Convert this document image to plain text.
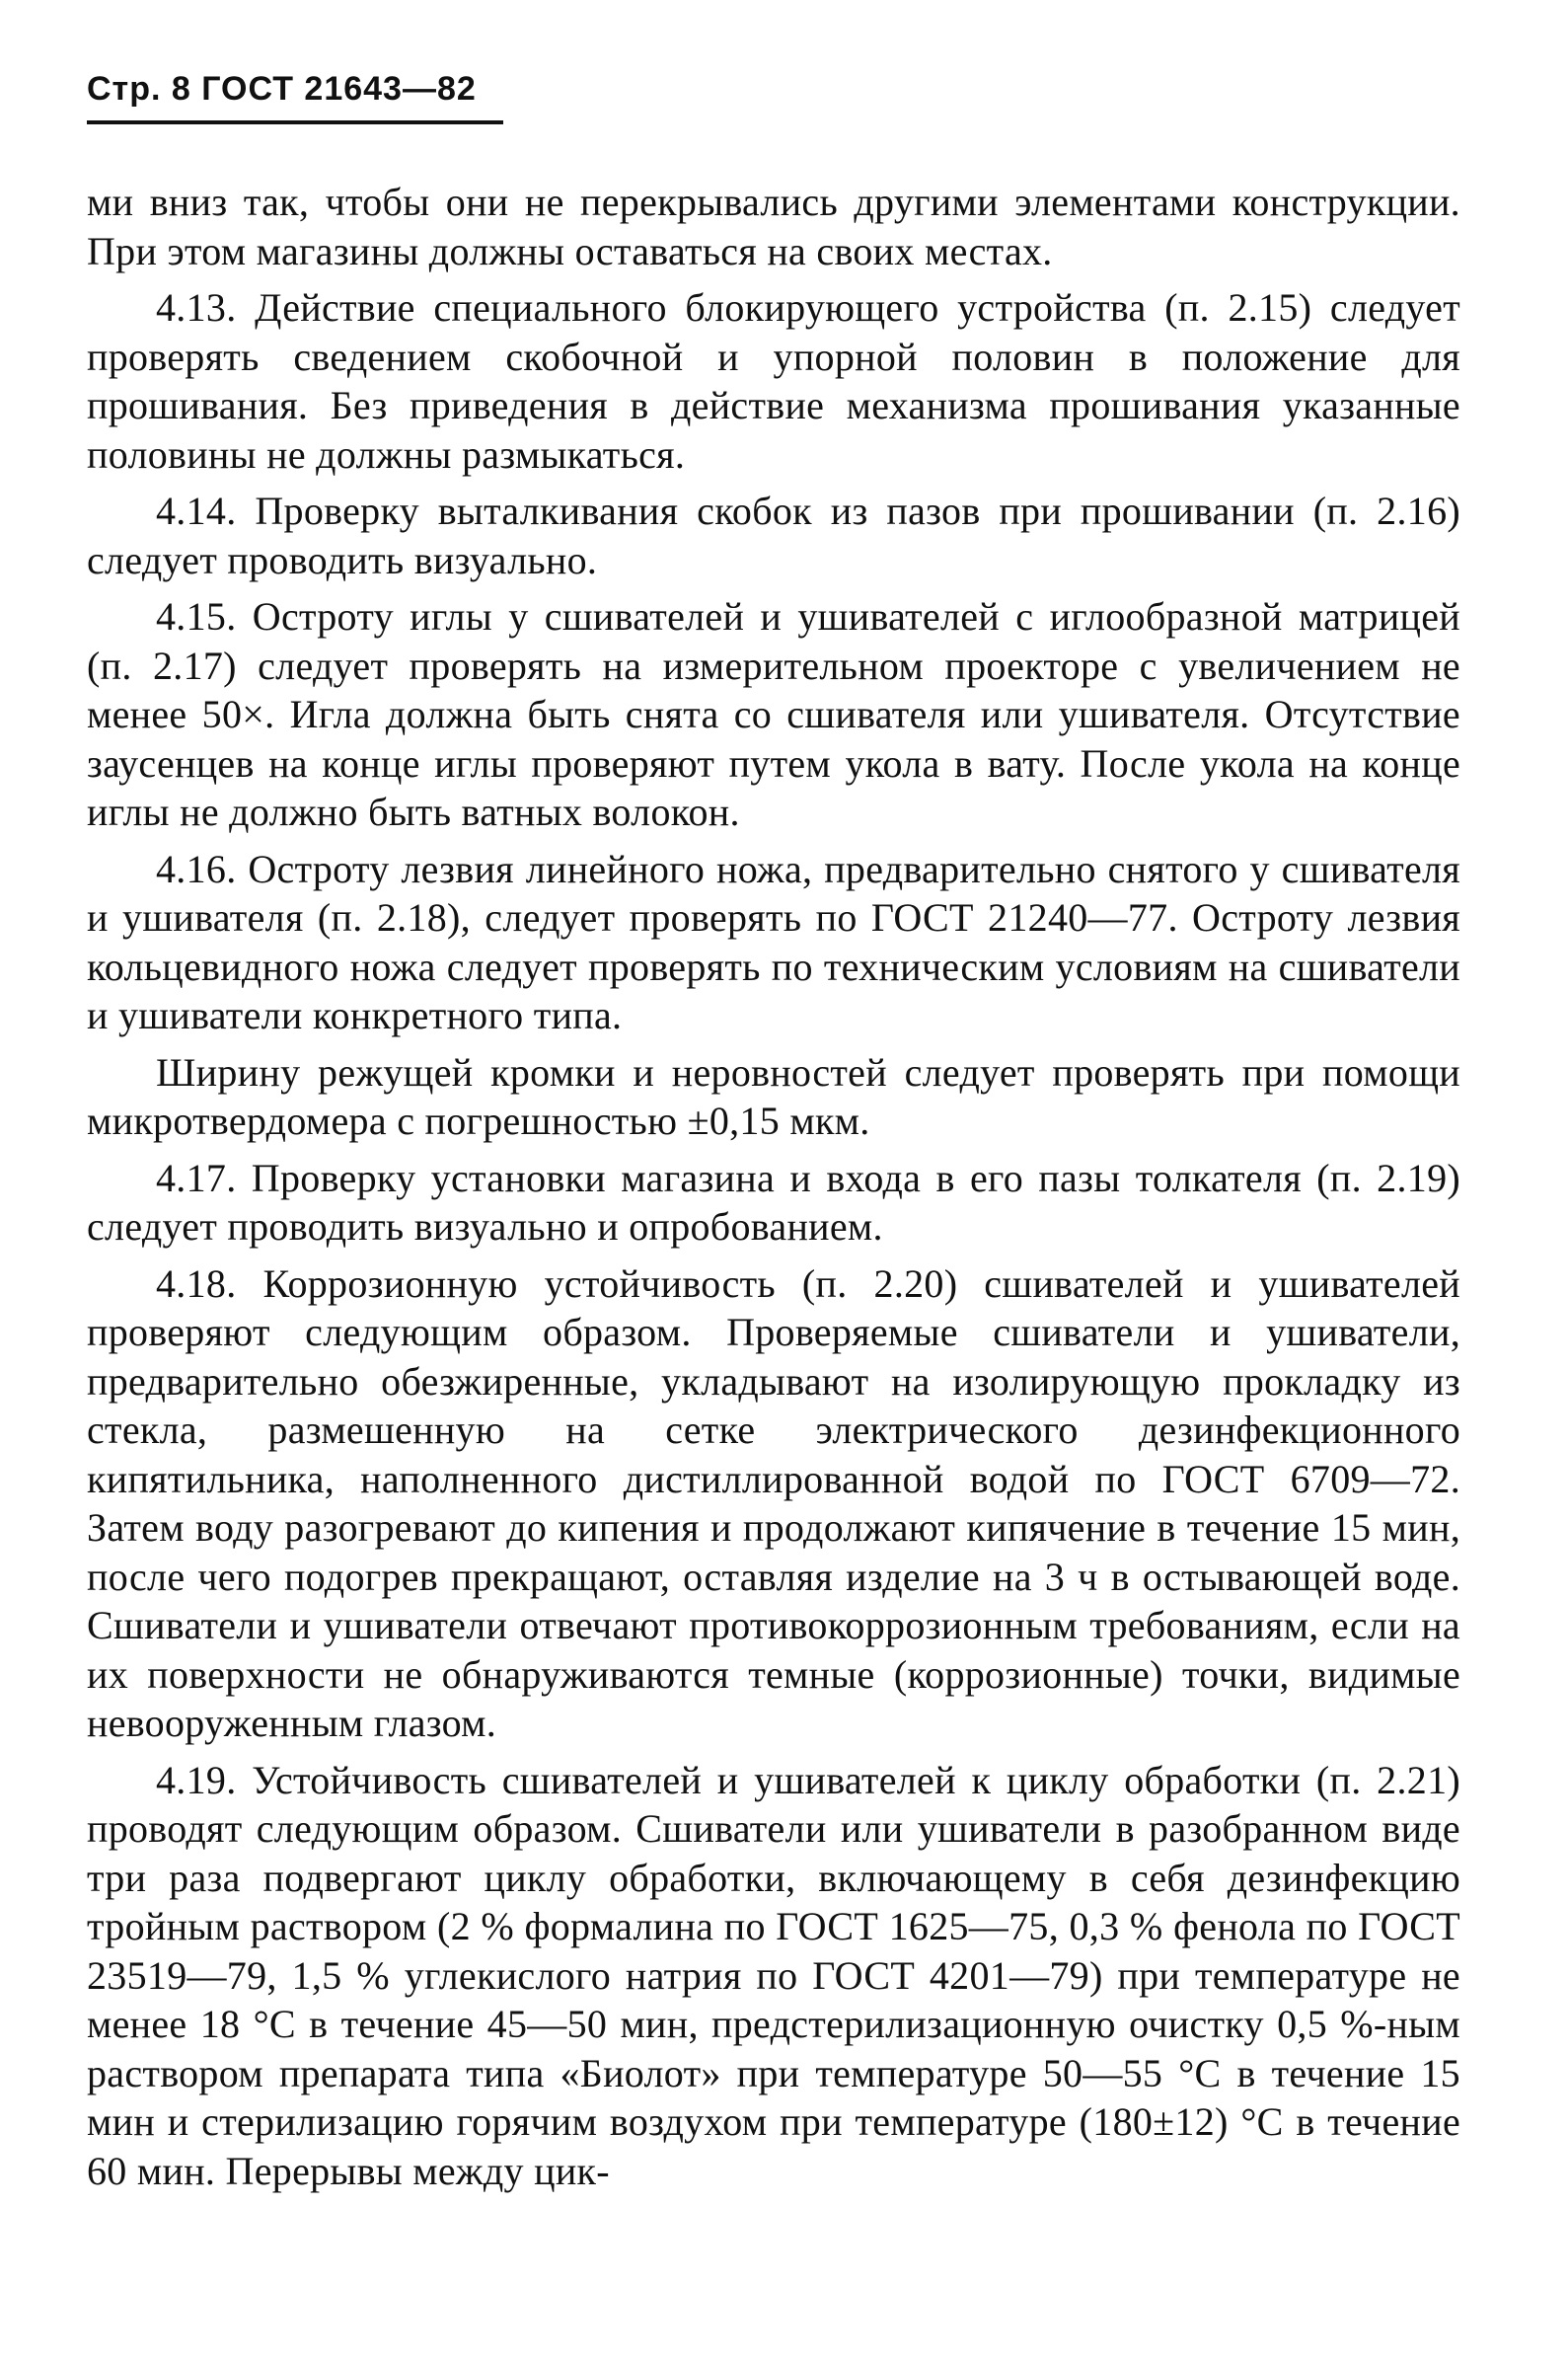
Стр. 8 ГОСТ 21643—82

ми вниз так, чтобы они не перекрывались другими элементами конструкции. При этом магазины должны оставаться на своих местах.

4.13. Действие специального блокирующего устройства (п. 2.15) следует проверять сведением скобочной и упорной половин в положение для прошивания. Без приведения в действие механизма прошивания указанные половины не должны размыкаться.

4.14. Проверку выталкивания скобок из пазов при прошивании (п. 2.16) следует проводить визуально.

4.15. Остроту иглы у сшивателей и ушивателей с иглообразной матрицей (п. 2.17) следует проверять на измерительном проекторе с увеличением не менее 50×. Игла должна быть снята со сшивателя или ушивателя. Отсутствие заусенцев на конце иглы проверяют путем укола в вату. После укола на конце иглы не должно быть ватных волокон.

4.16. Остроту лезвия линейного ножа, предварительно снятого у сшивателя и ушивателя (п. 2.18), следует проверять по ГОСТ 21240—77. Остроту лезвия кольцевидного ножа следует проверять по техническим условиям на сшиватели и ушиватели конкретного типа.

Ширину режущей кромки и неровностей следует проверять при помощи микротвердомера с погрешностью ±0,15 мкм.

4.17. Проверку установки магазина и входа в его пазы толкателя (п. 2.19) следует проводить визуально и опробованием.

4.18. Коррозионную устойчивость (п. 2.20) сшивателей и ушивателей проверяют следующим образом. Проверяемые сшиватели и ушиватели, предварительно обезжиренные, укладывают на изолирующую прокладку из стекла, размешенную на сетке электрического дезинфекционного кипятильника, наполненного дистиллированной водой по ГОСТ 6709—72. Затем воду разогревают до кипения и продолжают кипячение в течение 15 мин, после чего подогрев прекращают, оставляя изделие на 3 ч в остывающей воде. Сшиватели и ушиватели отвечают противокоррозионным требованиям, если на их поверхности не обнаруживаются темные (коррозионные) точки, видимые невооруженным глазом.

4.19. Устойчивость сшивателей и ушивателей к циклу обработки (п. 2.21) проводят следующим образом. Сшиватели или ушиватели в разобранном виде три раза подвергают циклу обработки, включающему в себя дезинфекцию тройным раствором (2 % формалина по ГОСТ 1625—75, 0,3 % фенола по ГОСТ 23519—79, 1,5 % углекислого натрия по ГОСТ 4201—79) при температуре не менее 18 °С в течение 45—50 мин, предстерилизационную очистку 0,5 %-ным раствором препарата типа «Биолот» при температуре 50—55 °С в течение 15 мин и стерилизацию горячим воздухом при температуре (180±12) °С в течение 60 мин. Перерывы между цик-
